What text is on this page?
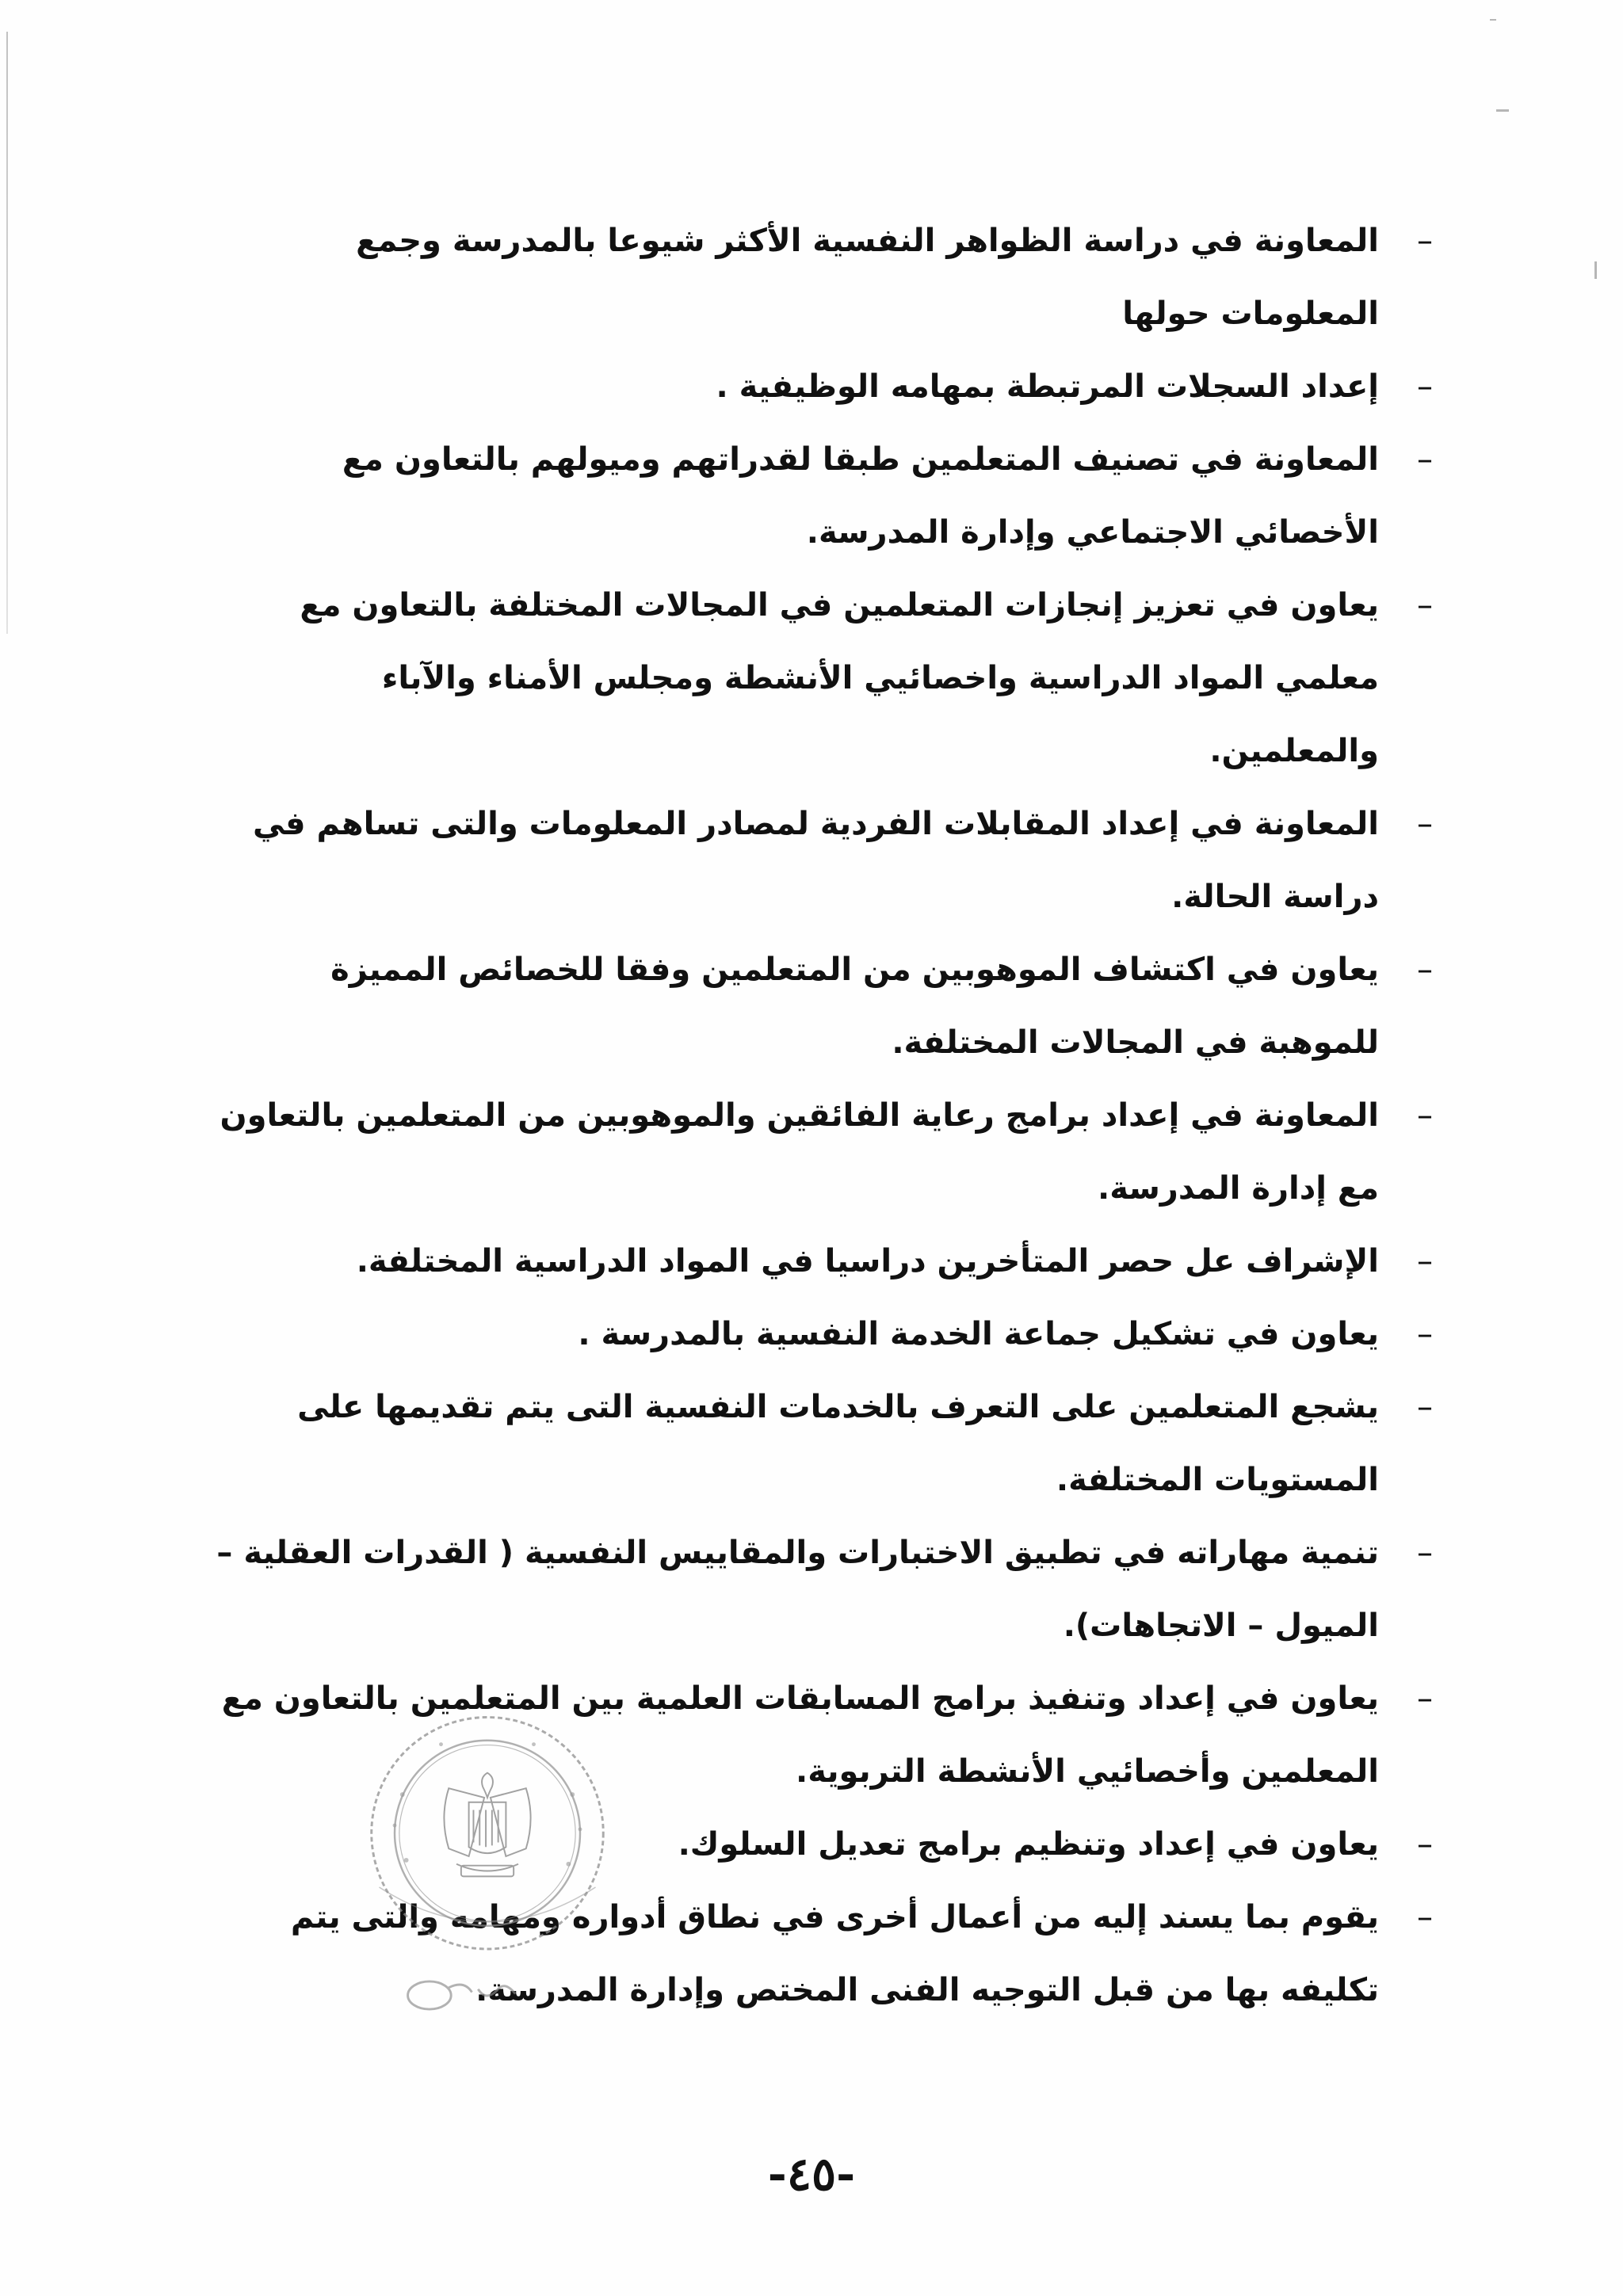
–
المعاونة في دراسة الظواهر النفسية الأكثر شيوعا بالمدرسة وجمع المعلومات حولها
–
إعداد السجلات المرتبطة بمهامه الوظيفية .
–
المعاونة في تصنيف المتعلمين طبقا لقدراتهم وميولهم بالتعاون مع الأخصائي الاجتماعي وإدارة المدرسة.
–
يعاون في تعزيز إنجازات المتعلمين في المجالات المختلفة بالتعاون مع معلمي المواد الدراسية واخصائيي الأنشطة ومجلس الأمناء والآباء والمعلمين.
–
المعاونة في إعداد المقابلات الفردية لمصادر المعلومات والتى تساهم في دراسة الحالة.
–
يعاون في اكتشاف الموهوبين من المتعلمين وفقا للخصائص المميزة للموهبة في المجالات المختلفة.
–
المعاونة في إعداد برامج رعاية الفائقين والموهوبين من المتعلمين بالتعاون مع إدارة المدرسة.
–
الإشراف عل حصر المتأخرين دراسيا في المواد الدراسية المختلفة.
–
يعاون في تشكيل جماعة الخدمة النفسية بالمدرسة .
–
يشجع المتعلمين على التعرف بالخدمات النفسية التى يتم تقديمها على المستويات المختلفة.
–
تنمية مهاراته في تطبيق الاختبارات والمقاييس النفسية ( القدرات العقلية –الميول – الاتجاهات).
–
يعاون في إعداد وتنفيذ برامج المسابقات العلمية بين المتعلمين بالتعاون مع المعلمين وأخصائيي الأنشطة التربوية.
–
يعاون في إعداد وتنظيم برامج تعديل السلوك.
–
يقوم بما يسند إليه من أعمال أخرى في نطاق أدواره ومهامه والتى يتم تكليفه بها من قبل التوجيه الفنى المختص وإدارة المدرسة.
-٤٥-
